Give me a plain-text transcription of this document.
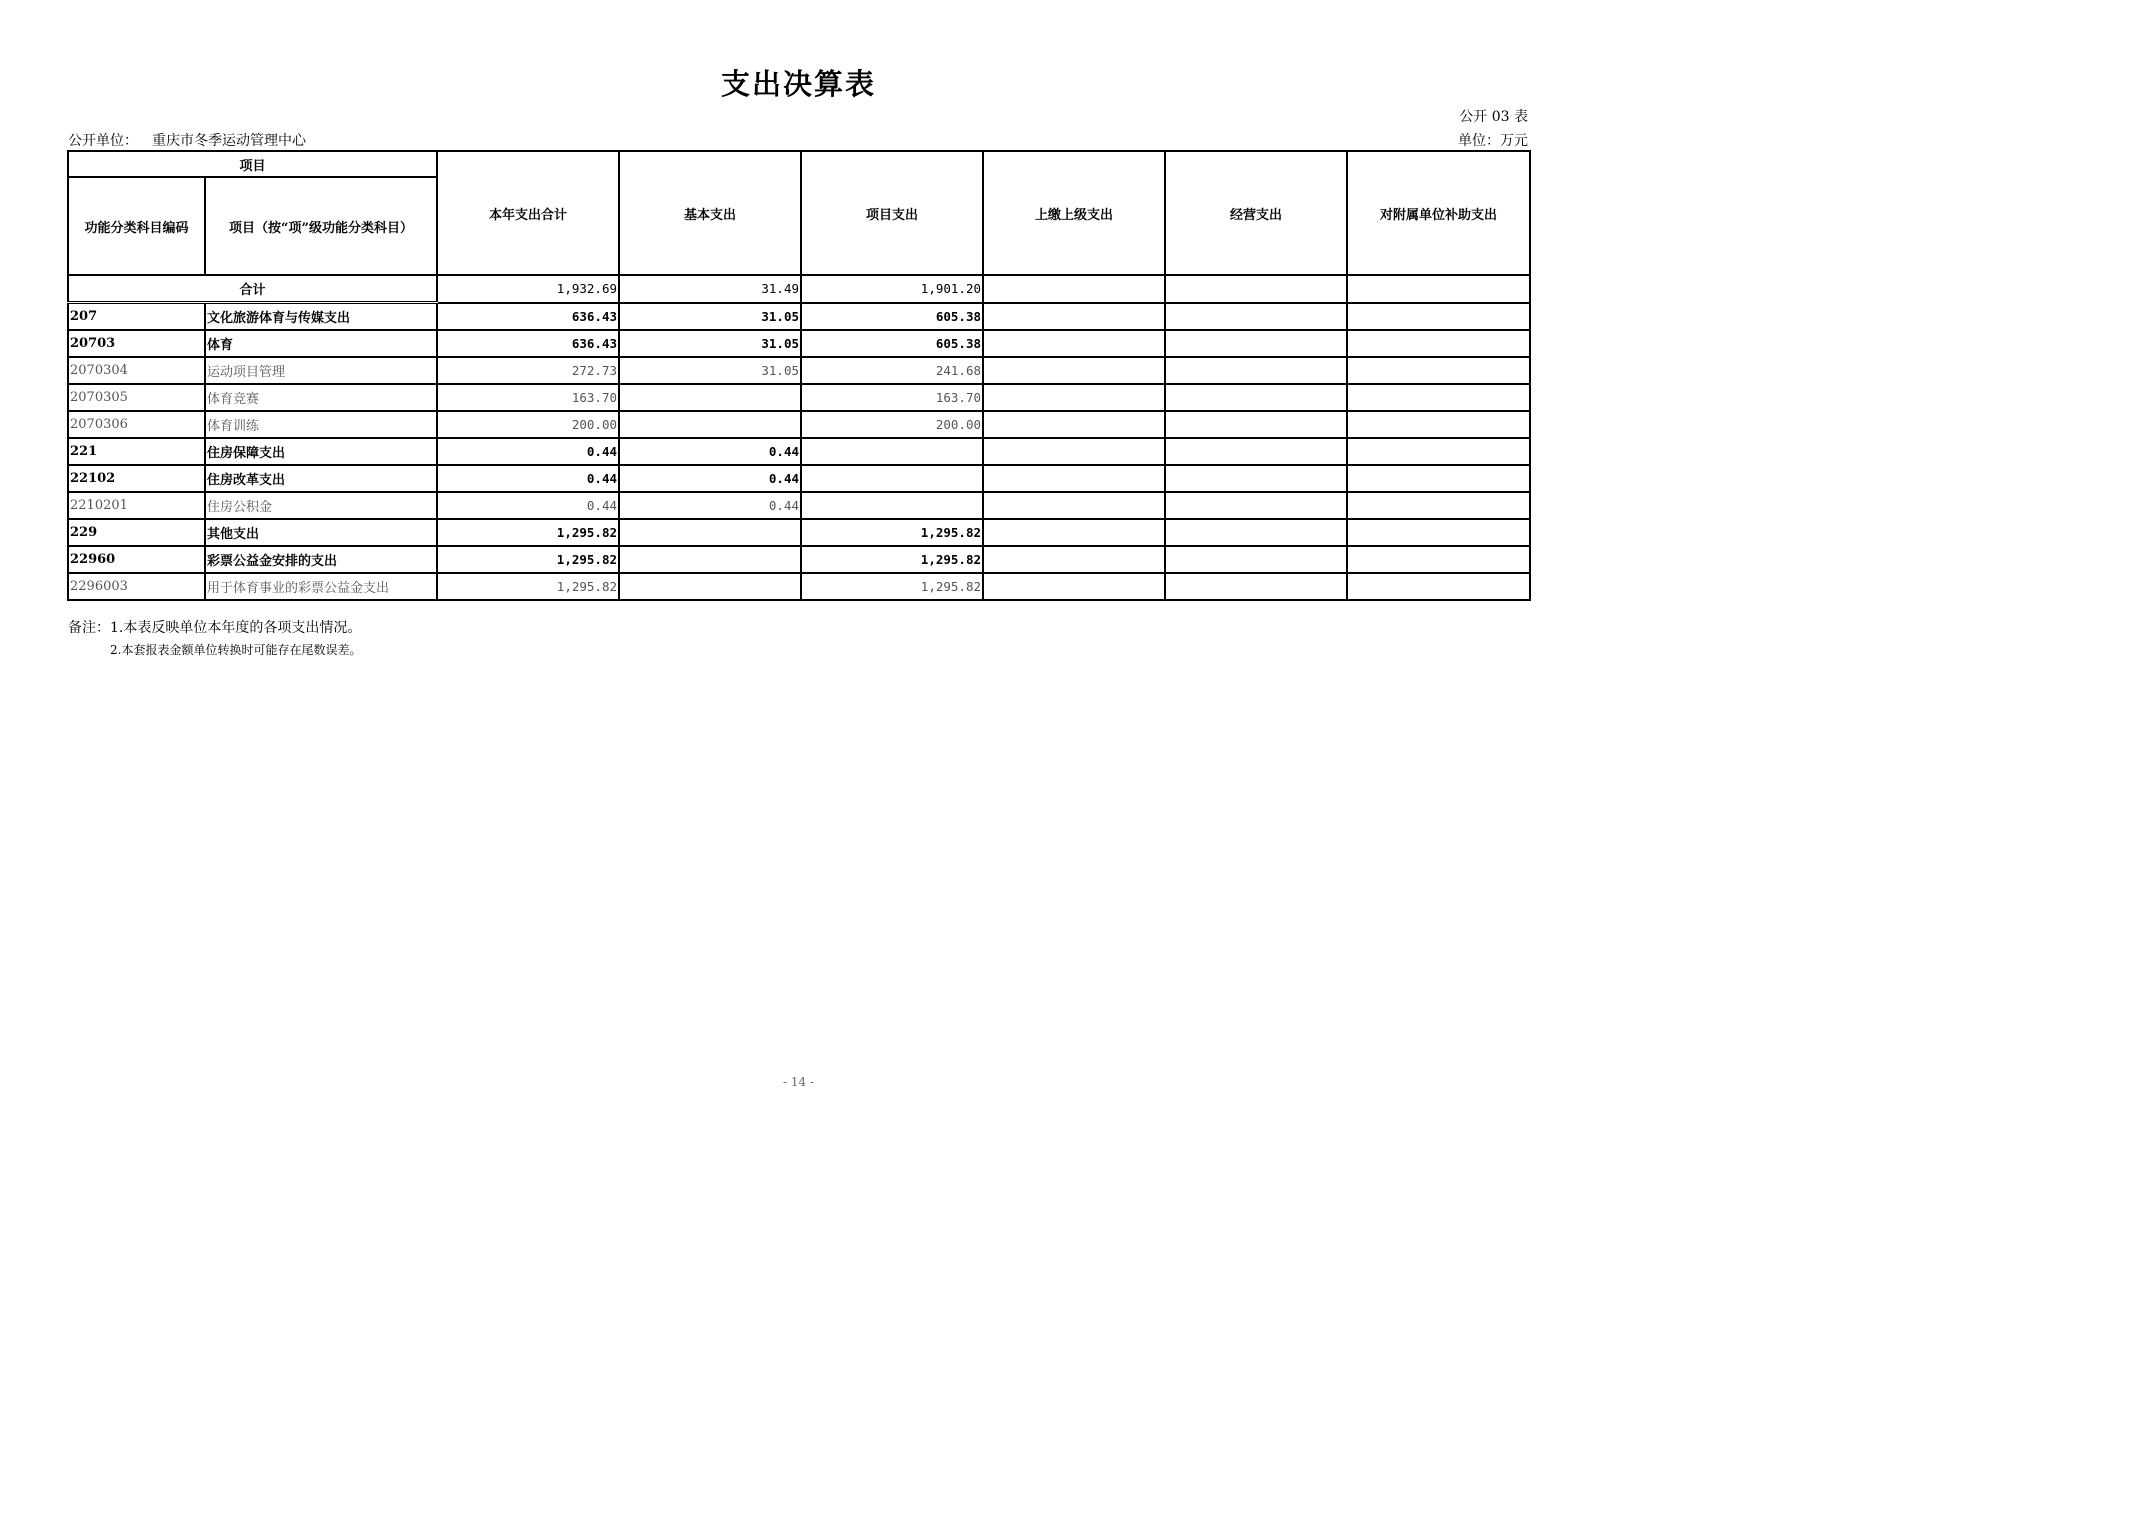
支出决算表
公开 03 表
公开单位： 重庆市冬季运动管理中心	单位：万元
项目		本年支出合计	基本支出	项目支出	上缴上级支出	经营支出	对附属单位补助支出
功能分类科目编码	项目（按“项”级功能分类科目）						
合计		1,932.69	31.49	1,901.20			
207	文化旅游体育与传媒支出	636.43	31.05	605.38			
20703	体育	636.43	31.05	605.38			
2070304	运动项目管理	272.73	31.05	241.68			
2070305	体育竞赛	163.70		163.70			
2070306	体育训练	200.00		200.00			
221	住房保障支出	0.44	0.44				
22102	住房改革支出	0.44	0.44				
2210201	住房公积金	0.44	0.44				
229	其他支出	1,295.82		1,295.82			
22960	彩票公益金安排的支出	1,295.82		1,295.82			
2296003	用于体育事业的彩票公益金支出	1,295.82		1,295.82			
备注：1.本表反映单位本年度的各项支出情况。
2.本套报表金额单位转换时可能存在尾数误差。
- 14 -
